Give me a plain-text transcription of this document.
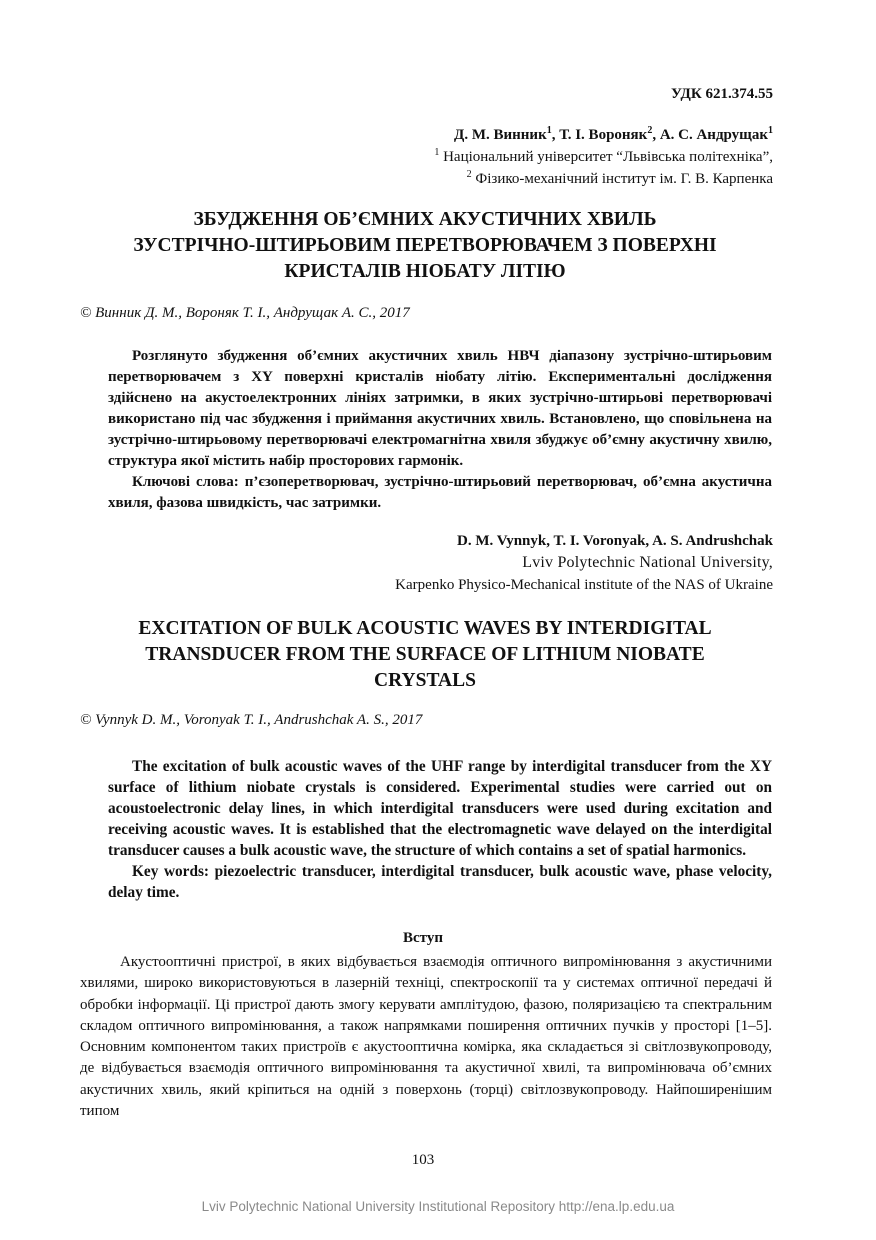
УДК 621.374.55
Д. М. Винник$^1$, Т. І. Вороняк$^2$, А. С. Андрущак$^1$
$^1$ Національний університет “Львівська політехніка”,
$^2$ Фізико-механічний інститут ім. Г. В. Карпенка
ЗБУДЖЕННЯ ОБ’ЄМНИХ АКУСТИЧНИХ ХВИЛЬ
ЗУСТРІЧНО-ШТИРЬОВИМ ПЕРЕТВОРЮВАЧЕМ З ПОВЕРХНІ
КРИСТАЛІВ НІОБАТУ ЛІТІЮ
© Винник Д. М., Вороняк Т. І., Андрущак А. С., 2017

Розглянуто збудження об’ємних акустичних хвиль НВЧ діапазону зустрічно-штирьовим перетворювачем з XY поверхні кристалів ніобату літію. Експериментальні дослідження здійснено на акустоелектронних лініях затримки, в яких зустрічно-штирьові перетворювачі використано під час збудження і приймання акустичних хвиль. Встановлено, що сповільнена на зустрічно-штирьовому перетворювачі електромагнітна хвиля збуджує об’ємну акустичну хвилю, структура якої містить набір просторових гармонік.

Ключові слова: п’єзоперетворювач, зустрічно-штирьовий перетворювач, об’ємна акустична хвиля, фазова швидкість, час затримки.

D. M. Vynnyk, T. I. Voronyak, A. S. Andrushchak
Lviv Polytechnic National University,
Karpenko Physico-Mechanical institute of the NAS of Ukraine
EXCITATION OF BULK ACOUSTIC WAVES BY INTERDIGITAL
TRANSDUCER FROM THE SURFACE OF LITHIUM NIOBATE
CRYSTALS
© Vynnyk D. M., Voronyak T. I., Andrushchak A. S., 2017

The excitation of bulk acoustic waves of the UHF range by interdigital transducer from the XY surface of lithium niobate crystals is considered. Experimental studies were carried out on acoustoelectronic delay lines, in which interdigital transducers were used during excitation and receiving acoustic waves. It is established that the electromagnetic wave delayed on the interdigital transducer causes a bulk acoustic wave, the structure of which contains a set of spatial harmonics.

Key words: piezoelectric transducer, interdigital transducer, bulk acoustic wave, phase velocity, delay time.

Вступ

Акустооптичні пристрої, в яких відбувається взаємодія оптичного випромінювання з акустичними хвилями, широко використовуються в лазерній техніці, спектроскопії та у системах оптичної передачі й обробки інформації. Ці пристрої дають змогу керувати амплітудою, фазою, поляризацією та спектральним складом оптичного випромінювання, а також напрямками поширення оптичних пучків у просторі [1–5]. Основним компонентом таких пристроїв є акустооптична комірка, яка складається зі світлозвукопроводу, де відбувається взаємодія оптичного випромінювання та акустичної хвилі, та випромінювача об’ємних акустичних хвиль, який кріпиться на одній з поверхонь (торці) світлозвукопроводу. Найпоширенішим типом

103
Lviv Polytechnic National University Institutional Repository http://ena.lp.edu.ua
